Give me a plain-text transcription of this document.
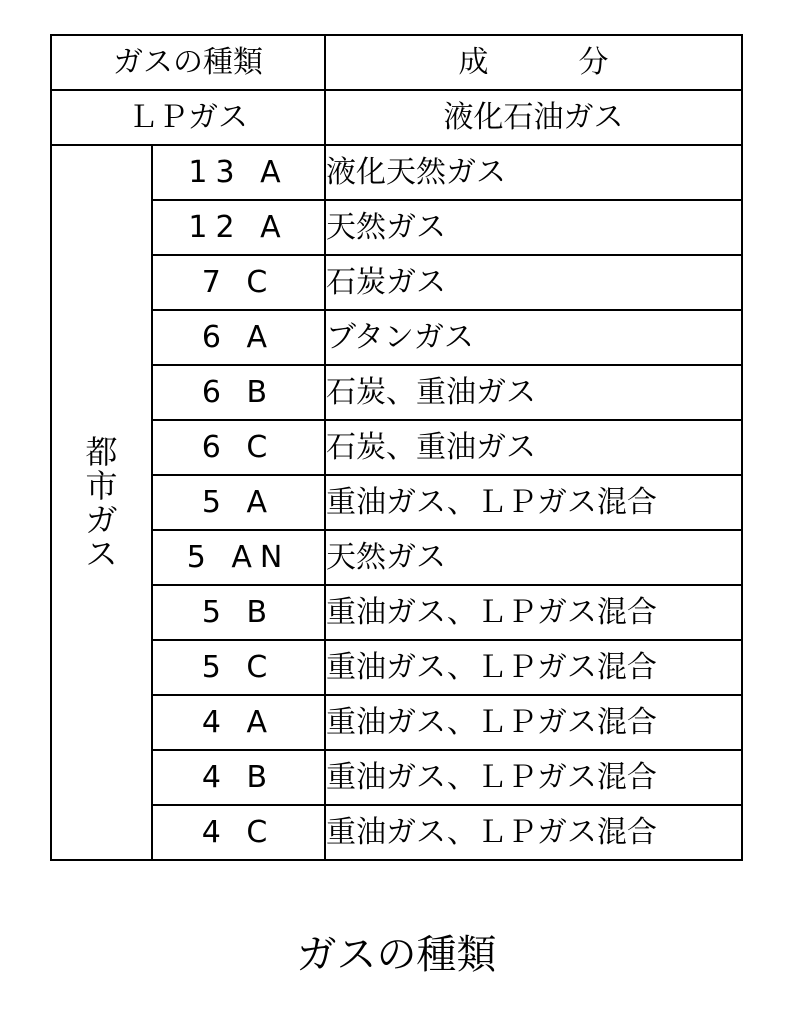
ガスの種類		成　　　分
ＬＰガス		液化石油ガス
都市ガス	13 A	液化天然ガス
	12 A	天然ガス
	7 C	石炭ガス
	6 A	ブタンガス
	6 B	石炭、重油ガス
	6 C	石炭、重油ガス
	5 A	重油ガス、ＬＰガス混合
	5 AN	天然ガス
	5 B	重油ガス、ＬＰガス混合
	5 C	重油ガス、ＬＰガス混合
	4 A	重油ガス、ＬＰガス混合
	4 B	重油ガス、ＬＰガス混合
	4 C	重油ガス、ＬＰガス混合
ガスの種類
